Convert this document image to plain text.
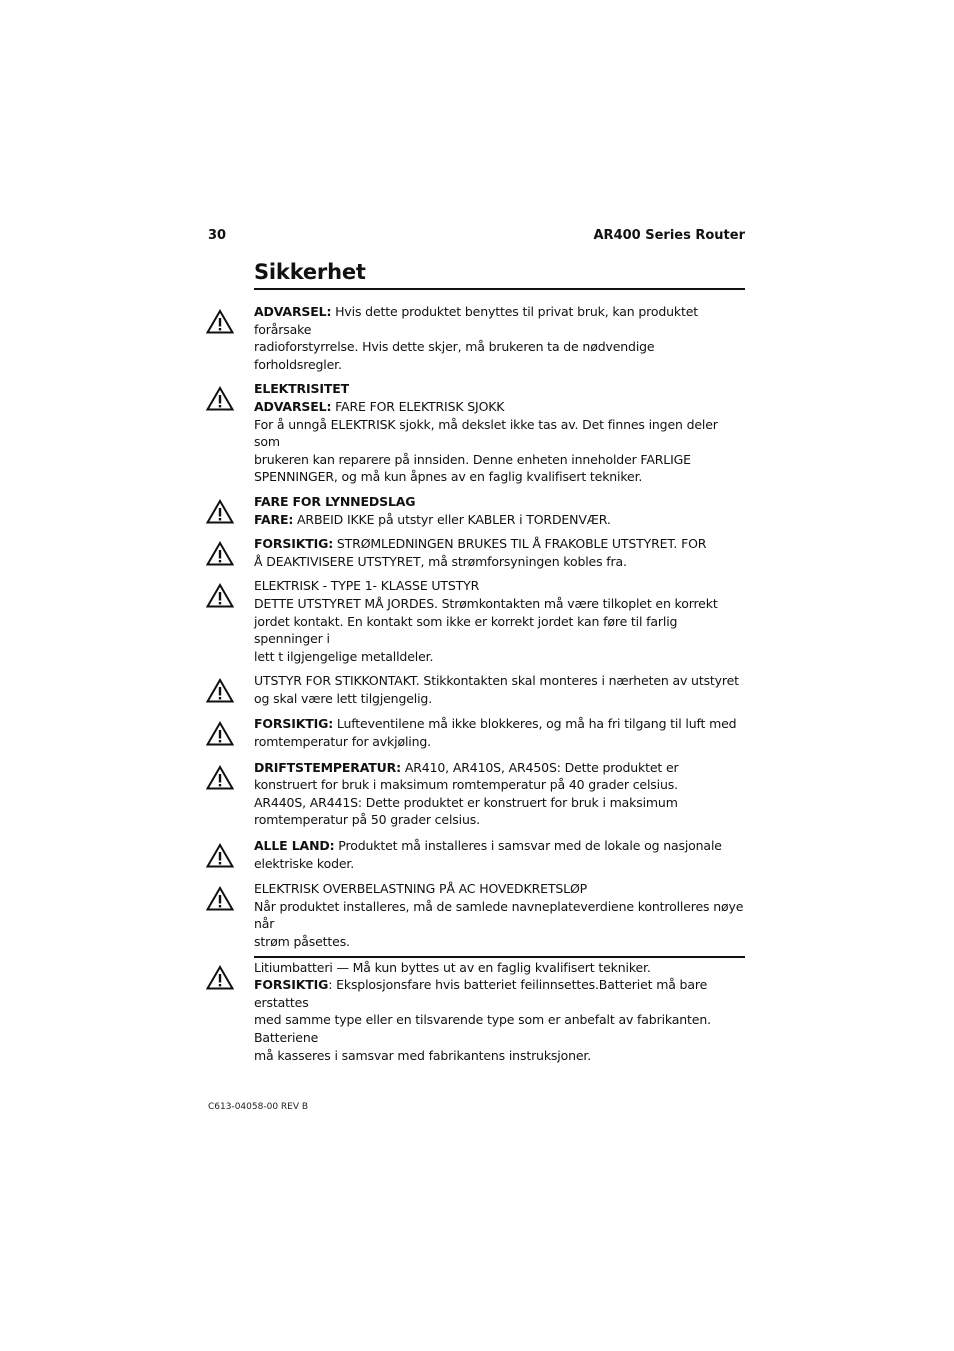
30	AR400 Series Router
Sikkerhet
ADVARSEL: Hvis dette produktet benyttes til privat bruk, kan produktet forårsake
radioforstyrrelse. Hvis dette skjer, må brukeren ta de nødvendige forholdsregler.
ELEKTRISITET
ADVARSEL: FARE FOR ELEKTRISK SJOKK
For å unngå ELEKTRISK sjokk, må dekslet ikke tas av. Det finnes ingen deler som
brukeren kan reparere på innsiden. Denne enheten inneholder FARLIGE
SPENNINGER, og må kun åpnes av en faglig kvalifisert tekniker.
FARE FOR LYNNEDSLAG
FARE: ARBEID IKKE på utstyr eller KABLER i TORDENVÆR.
FORSIKTIG: STRØMLEDNINGEN BRUKES TIL Å FRAKOBLE UTSTYRET. FOR
Å DEAKTIVISERE UTSTYRET, må strømforsyningen kobles fra.
ELEKTRISK - TYPE 1- KLASSE UTSTYR
DETTE UTSTYRET MÅ JORDES. Strømkontakten må være tilkoplet en korrekt
jordet kontakt. En kontakt som ikke er korrekt jordet kan føre til farlig spenninger i
lett t ilgjengelige metalldeler.
UTSTYR FOR STIKKONTAKT. Stikkontakten skal monteres i nærheten av utstyret
og skal være lett tilgjengelig.
FORSIKTIG: Lufteventilene må ikke blokkeres, og må ha fri tilgang til luft med
romtemperatur for avkjøling.
DRIFTSTEMPERATUR: AR410, AR410S, AR450S: Dette produktet er
konstruert for bruk i maksimum romtemperatur på 40 grader celsius.
AR440S, AR441S: Dette produktet er konstruert for bruk i maksimum
romtemperatur på 50 grader celsius.
ALLE LAND: Produktet må installeres i samsvar med de lokale og nasjonale
elektriske koder.
ELEKTRISK OVERBELASTNING PÅ AC HOVEDKRETSLØP
Når produktet installeres, må de samlede navneplateverdiene kontrolleres nøye når
strøm påsettes.
Litiumbatteri — Må kun byttes ut av en faglig kvalifisert tekniker.
FORSIKTIG: Eksplosjonsfare hvis batteriet feilinnsettes.Batteriet må bare erstattes
med samme type eller en tilsvarende type som er anbefalt av fabrikanten. Batteriene
må kasseres i samsvar med fabrikantens instruksjoner.
C613-04058-00 REV B
